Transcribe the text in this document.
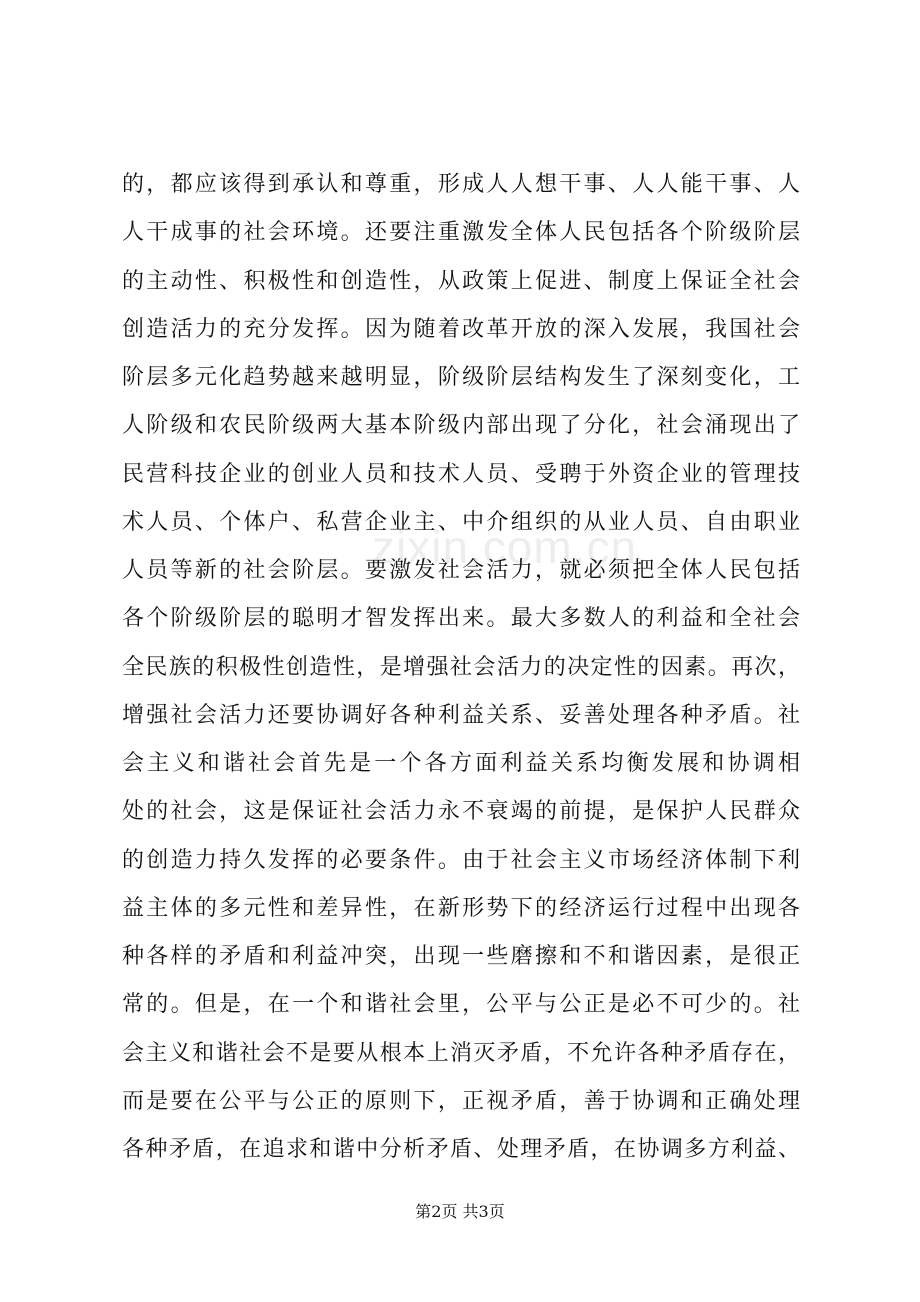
的，都应该得到承认和尊重，形成人人想干事、人人能干事、人
人干成事的社会环境。还要注重激发全体人民包括各个阶级阶层
的主动性、积极性和创造性，从政策上促进、制度上保证全社会
创造活力的充分发挥。因为随着改革开放的深入发展，我国社会
阶层多元化趋势越来越明显，阶级阶层结构发生了深刻变化，工
人阶级和农民阶级两大基本阶级内部出现了分化，社会涌现出了
民营科技企业的创业人员和技术人员、受聘于外资企业的管理技
术人员、个体户、私营企业主、中介组织的从业人员、自由职业
人员等新的社会阶层。要激发社会活力，就必须把全体人民包括
各个阶级阶层的聪明才智发挥出来。最大多数人的利益和全社会
全民族的积极性创造性，是增强社会活力的决定性的因素。再次，
增强社会活力还要协调好各种利益关系、妥善处理各种矛盾。社
会主义和谐社会首先是一个各方面利益关系均衡发展和协调相
处的社会，这是保证社会活力永不衰竭的前提，是保护人民群众
的创造力持久发挥的必要条件。由于社会主义市场经济体制下利
益主体的多元性和差异性，在新形势下的经济运行过程中出现各
种各样的矛盾和利益冲突，出现一些磨擦和不和谐因素，是很正
常的。但是，在一个和谐社会里，公平与公正是必不可少的。社
会主义和谐社会不是要从根本上消灭矛盾，不允许各种矛盾存在，
而是要在公平与公正的原则下，正视矛盾，善于协调和正确处理
各种矛盾，在追求和谐中分析矛盾、处理矛盾，在协调多方利益、
zixin.com.cn
第2页 共3页
